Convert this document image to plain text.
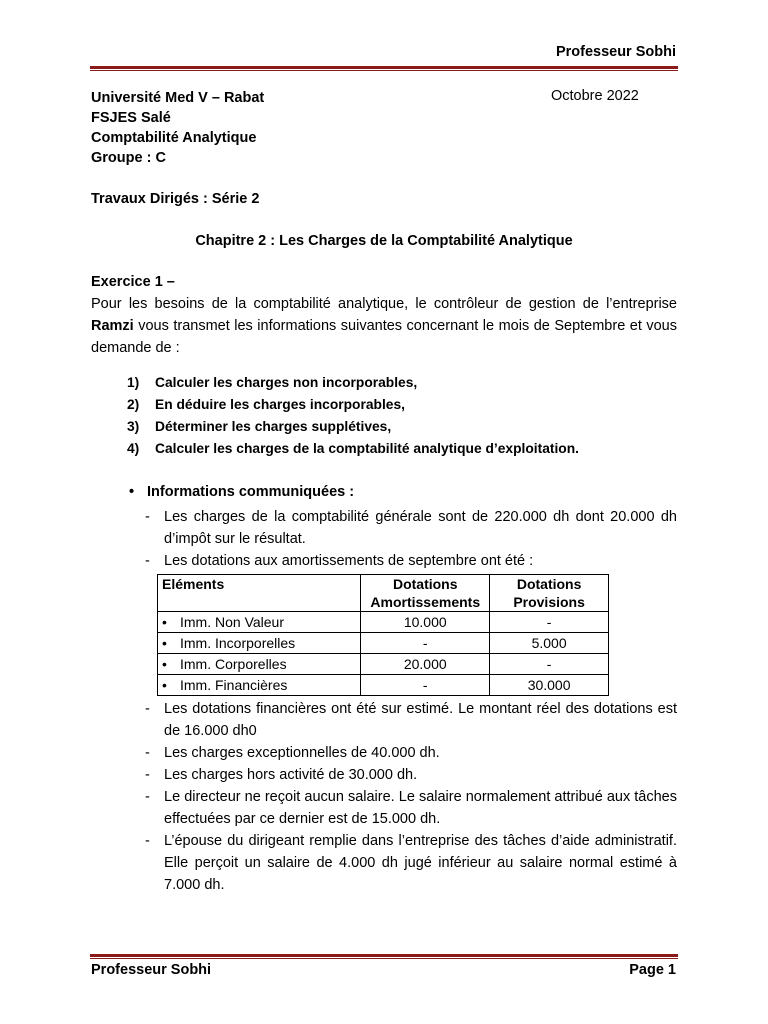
Professeur Sobhi
Université Med V – Rabat
FSJES Salé
Comptabilité Analytique
Groupe : C
Octobre 2022
Travaux Dirigés : Série 2
Chapitre 2 : Les Charges de la Comptabilité Analytique
Exercice 1 –
Pour les besoins de la comptabilité analytique, le contrôleur de gestion de l’entreprise Ramzi vous transmet les informations suivantes concernant le mois de Septembre et vous demande de :
1) Calculer les charges non incorporables,
2) En déduire les charges incorporables,
3) Déterminer les charges supplétives,
4) Calculer les charges de la comptabilité analytique d’exploitation.
• Informations communiquées :
- Les charges de la comptabilité générale sont de 220.000 dh dont 20.000 dh d’impôt sur le résultat.
- Les dotations aux amortissements de septembre ont été :
Eléments	Dotations Amortissements	Dotations Provisions
• Imm. Non Valeur	10.000	-
• Imm. Incorporelles	-	5.000
• Imm. Corporelles	20.000	-
• Imm. Financières	-	30.000
- Les dotations financières ont été sur estimé. Le montant réel des dotations est de 16.000 dh0
- Les charges exceptionnelles de 40.000 dh.
- Les charges hors activité de 30.000 dh.
- Le directeur ne reçoit aucun salaire. Le salaire normalement attribué aux tâches effectuées par ce dernier est de 15.000 dh.
- L’épouse du dirigeant remplie dans l’entreprise des tâches d’aide administratif. Elle perçoit un salaire de 4.000 dh jugé inférieur au salaire normal estimé à 7.000 dh.
Professeur Sobhi	Page 1
